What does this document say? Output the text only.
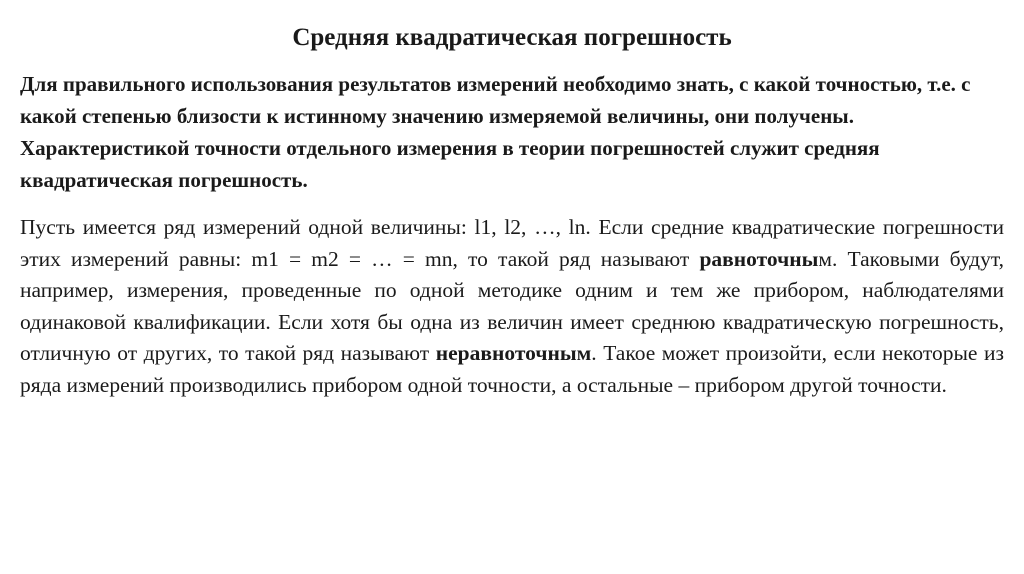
Средняя квадратическая погрешность
Для правильного использования результатов измерений необходимо знать, с какой точностью, т.е. с какой степенью близости к истинному значению измеряемой величины, они получены. Характеристикой точности отдельного измерения в теории погрешностей служит средняя квадратическая погрешность.
Пусть имеется ряд измерений одной величины: l1, l2, …, ln. Если средние квадратические погрешности этих измерений равны: m1 = m2 = … = mn, то такой ряд называют равноточным. Таковыми будут, например, измерения, проведенные по одной методике одним и тем же прибором, наблюдателями одинаковой квалификации. Если хотя бы одна из величин имеет среднюю квадратическую погрешность, отличную от других, то такой ряд называют неравноточным. Такое может произойти, если некоторые из ряда измерений производились прибором одной точности, а остальные – прибором другой точности.
